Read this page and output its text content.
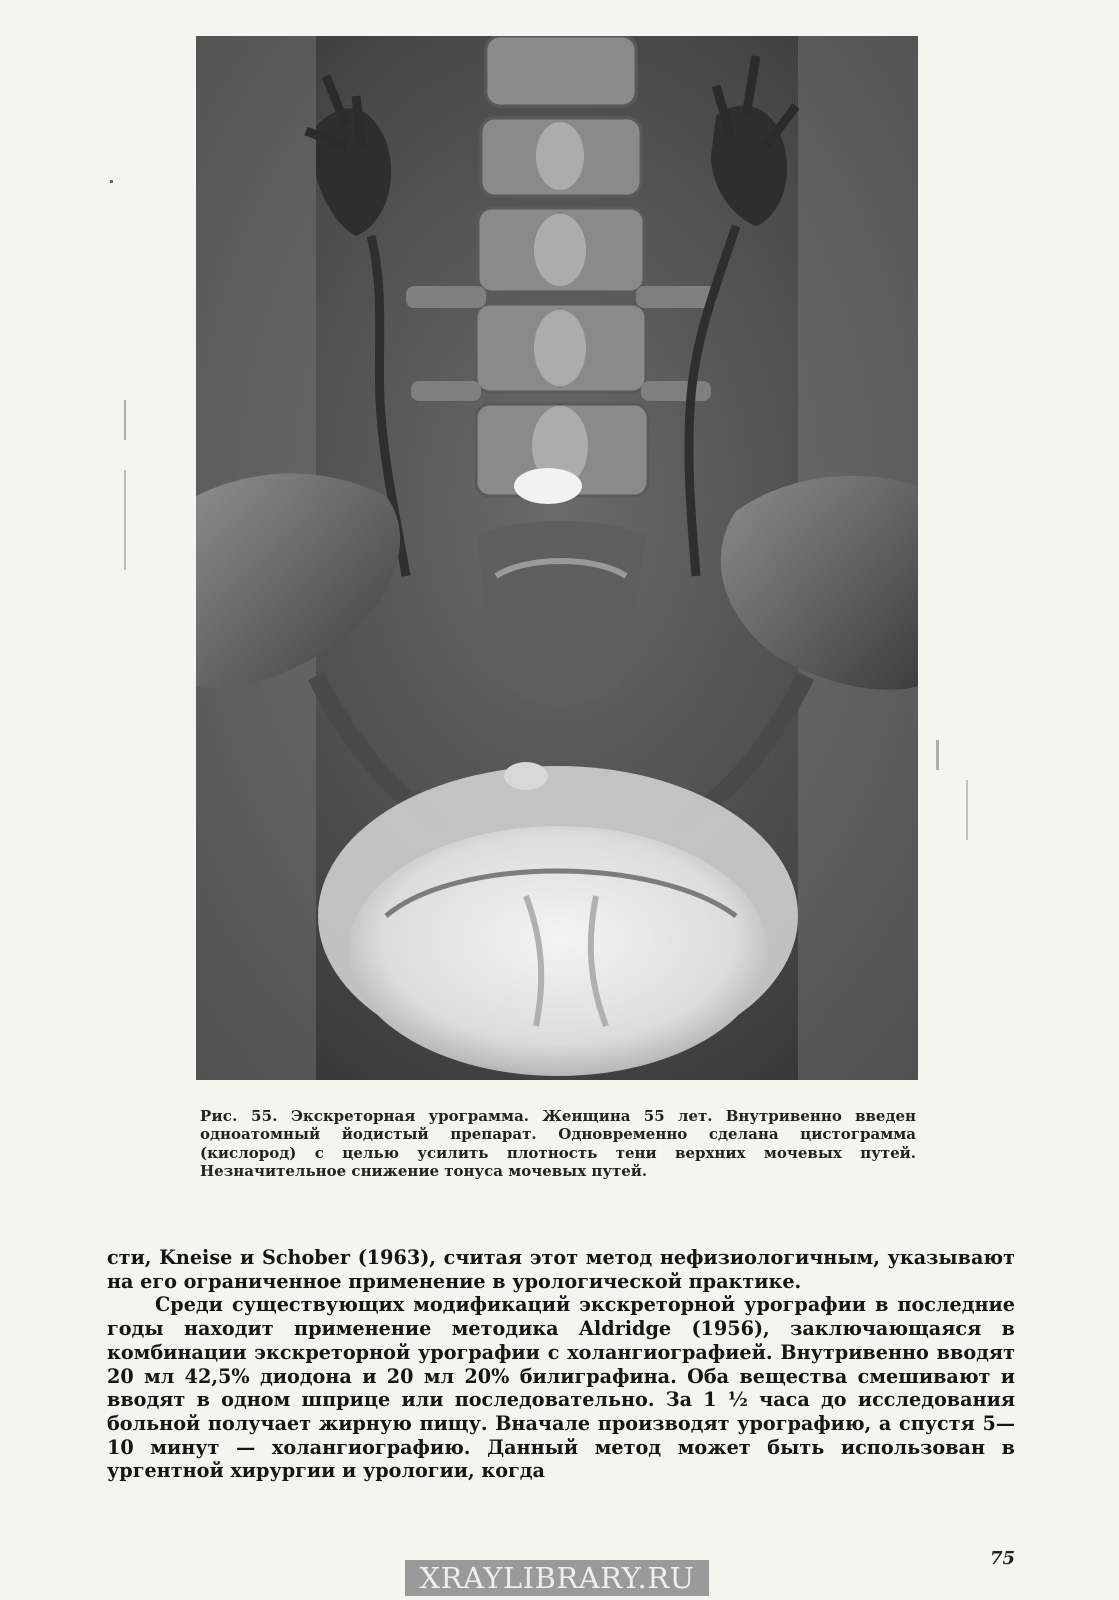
Рис. 55. Экскреторная урограмма. Женщина 55 лет. Внутривенно введен одноатомный йодистый препарат. Одновременно сделана цистограмма (кислород) с целью усилить плотность тени верхних мочевых путей. Незначительное снижение тонуса мочевых путей.

сти, Kneise и Schober (1963), считая этот метод нефизиологичным, указывают на его ограниченное применение в урологической практике.

Среди существующих модификаций экскреторной урографии в последние годы находит применение методика Aldridge (1956), заключающаяся в комбинации экскреторной урографии с холангиографией. Внутривенно вводят 20 мл 42,5% диодона и 20 мл 20% билиграфина. Оба вещества смешивают и вводят в одном шприце или последовательно. За 1 ½ часа до исследования больной получает жирную пищу. Вначале производят урографию, а спустя 5—10 минут — холангиографию. Данный метод может быть использован в ургентной хирургии и урологии, когда

75
XRAYLIBRARY.RU
